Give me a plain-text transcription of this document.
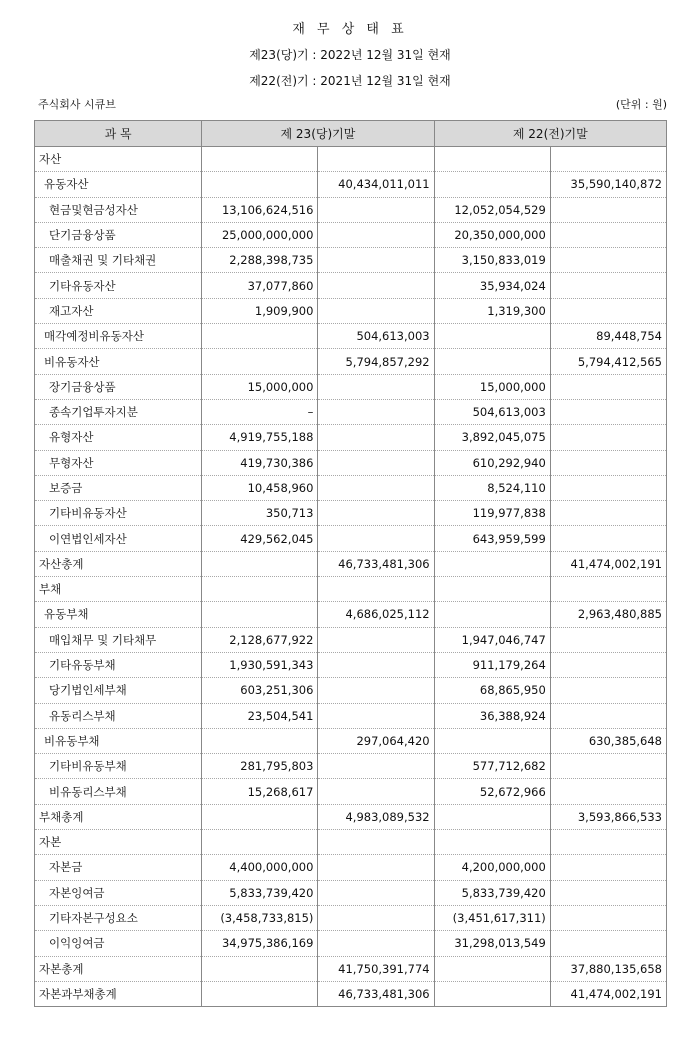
재 무 상 태 표
제23(당)기 : 2022년 12월 31일 현재
제22(전)기 : 2021년 12월 31일 현재
주식회사 시큐브	(단위 : 원)
과 목	제 23(당)기말		제 22(전)기말	
자산				
유동자산		40,434,011,011		35,590,140,872
현금및현금성자산	13,106,624,516		12,052,054,529	
단기금융상품	25,000,000,000		20,350,000,000	
매출채권 및 기타채권	2,288,398,735		3,150,833,019	
기타유동자산	37,077,860		35,934,024	
재고자산	1,909,900		1,319,300	
매각예정비유동자산		504,613,003		89,448,754
비유동자산		5,794,857,292		5,794,412,565
장기금융상품	15,000,000		15,000,000	
종속기업투자지분	–		504,613,003	
유형자산	4,919,755,188		3,892,045,075	
무형자산	419,730,386		610,292,940	
보증금	10,458,960		8,524,110	
기타비유동자산	350,713		119,977,838	
이연법인세자산	429,562,045		643,959,599	
자산총계		46,733,481,306		41,474,002,191
부채				
유동부채		4,686,025,112		2,963,480,885
매입채무 및 기타채무	2,128,677,922		1,947,046,747	
기타유동부채	1,930,591,343		911,179,264	
당기법인세부채	603,251,306		68,865,950	
유동리스부채	23,504,541		36,388,924	
비유동부채		297,064,420		630,385,648
기타비유동부채	281,795,803		577,712,682	
비유동리스부채	15,268,617		52,672,966	
부채총계		4,983,089,532		3,593,866,533
자본				
자본금	4,400,000,000		4,200,000,000	
자본잉여금	5,833,739,420		5,833,739,420	
기타자본구성요소	(3,458,733,815)		(3,451,617,311)	
이익잉여금	34,975,386,169		31,298,013,549	
자본총계		41,750,391,774		37,880,135,658
자본과부채총계		46,733,481,306		41,474,002,191
